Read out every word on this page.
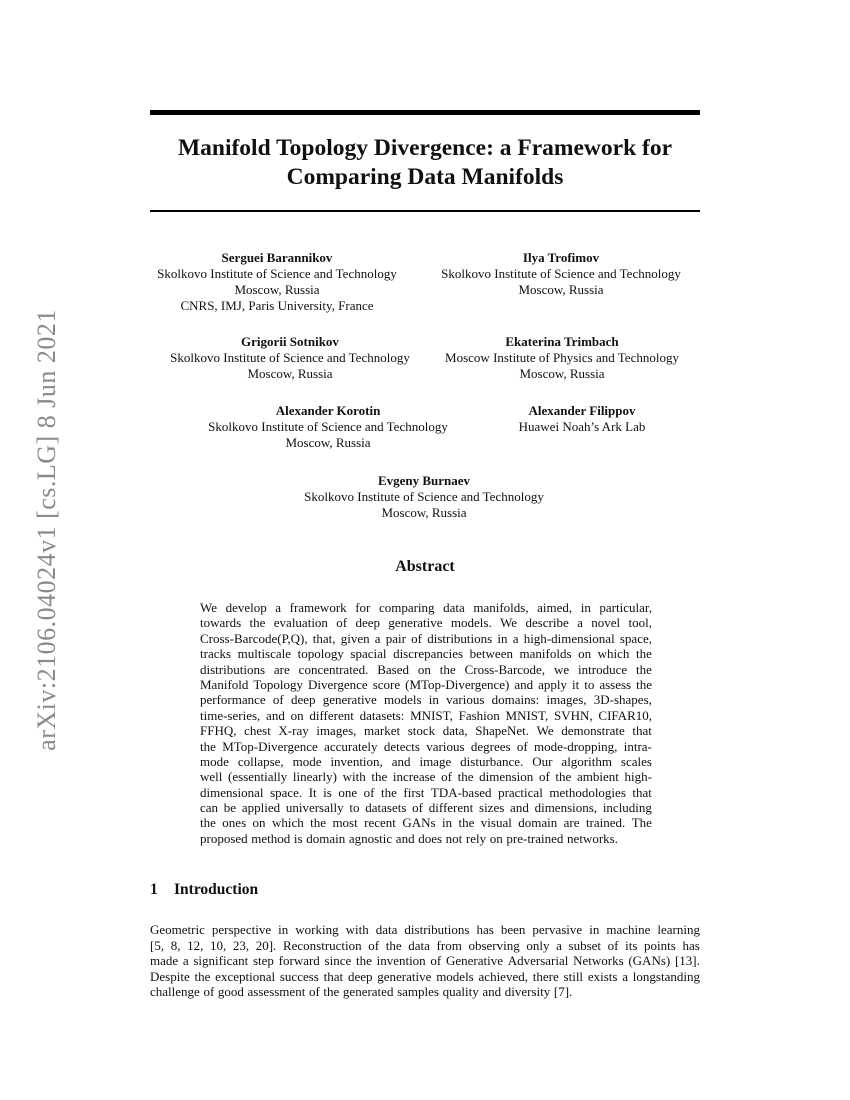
arXiv:2106.04024v1 [cs.LG] 8 Jun 2021
Manifold Topology Divergence: a Framework for
Comparing Data Manifolds
Serguei Barannikov
Skolkovo Institute of Science and Technology
Moscow, Russia
CNRS, IMJ, Paris University, France
Ilya Trofimov
Skolkovo Institute of Science and Technology
Moscow, Russia
Grigorii Sotnikov
Skolkovo Institute of Science and Technology
Moscow, Russia
Ekaterina Trimbach
Moscow Institute of Physics and Technology
Moscow, Russia
Alexander Korotin
Skolkovo Institute of Science and Technology
Moscow, Russia
Alexander Filippov
Huawei Noah’s Ark Lab
Evgeny Burnaev
Skolkovo Institute of Science and Technology
Moscow, Russia
Abstract
We develop a framework for comparing data manifolds, aimed, in particular,
towards the evaluation of deep generative models. We describe a novel tool,
Cross-Barcode(P,Q), that, given a pair of distributions in a high-dimensional space,
tracks multiscale topology spacial discrepancies between manifolds on which the
distributions are concentrated. Based on the Cross-Barcode, we introduce the
Manifold Topology Divergence score (MTop-Divergence) and apply it to assess the
performance of deep generative models in various domains: images, 3D-shapes,
time-series, and on different datasets: MNIST, Fashion MNIST, SVHN, CIFAR10,
FFHQ, chest X-ray images, market stock data, ShapeNet. We demonstrate that
the MTop-Divergence accurately detects various degrees of mode-dropping, intra-
mode collapse, mode invention, and image disturbance. Our algorithm scales
well (essentially linearly) with the increase of the dimension of the ambient high-
dimensional space. It is one of the first TDA-based practical methodologies that
can be applied universally to datasets of different sizes and dimensions, including
the ones on which the most recent GANs in the visual domain are trained. The
proposed method is domain agnostic and does not rely on pre-trained networks.
1 Introduction
Geometric perspective in working with data distributions has been pervasive in machine learning
[5, 8, 12, 10, 23, 20]. Reconstruction of the data from observing only a subset of its points has
made a significant step forward since the invention of Generative Adversarial Networks (GANs) [13].
Despite the exceptional success that deep generative models achieved, there still exists a longstanding
challenge of good assessment of the generated samples quality and diversity [7].
